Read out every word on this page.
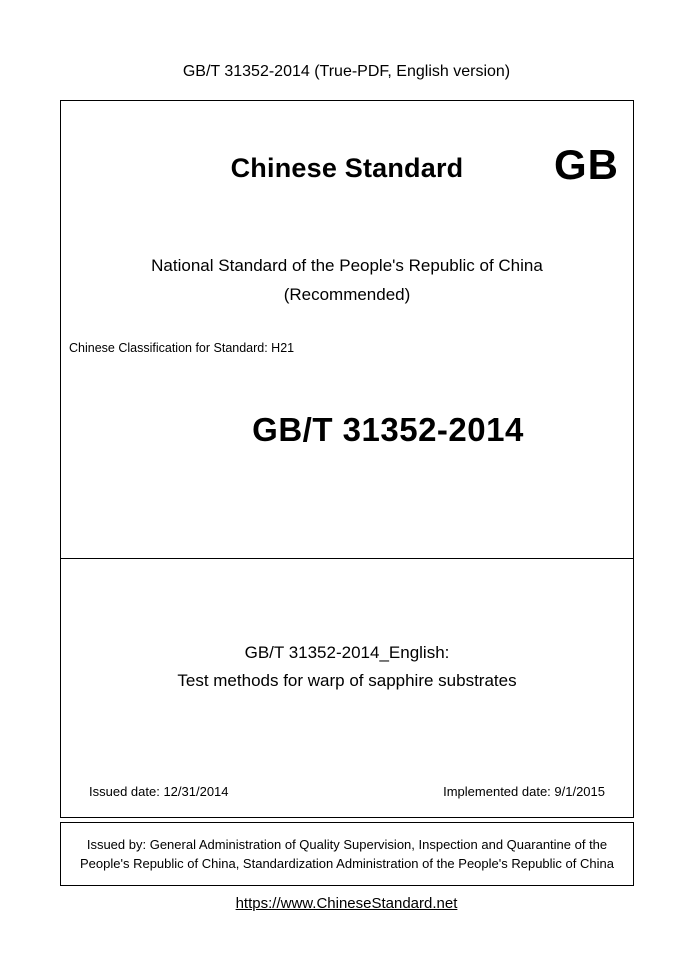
GB/T 31352-2014 (True-PDF, English version)
Chinese Standard	GB
National Standard of the People's Republic of China
(Recommended)
Chinese Classification for Standard: H21
GB/T 31352-2014
GB/T 31352-2014_English:
Test methods for warp of sapphire substrates
Issued date: 12/31/2014	Implemented date: 9/1/2015

Issued by: General Administration of Quality Supervision, Inspection and Quarantine of the People's Republic of China, Standardization Administration of the People's Republic of China

https://www.ChineseStandard.net
